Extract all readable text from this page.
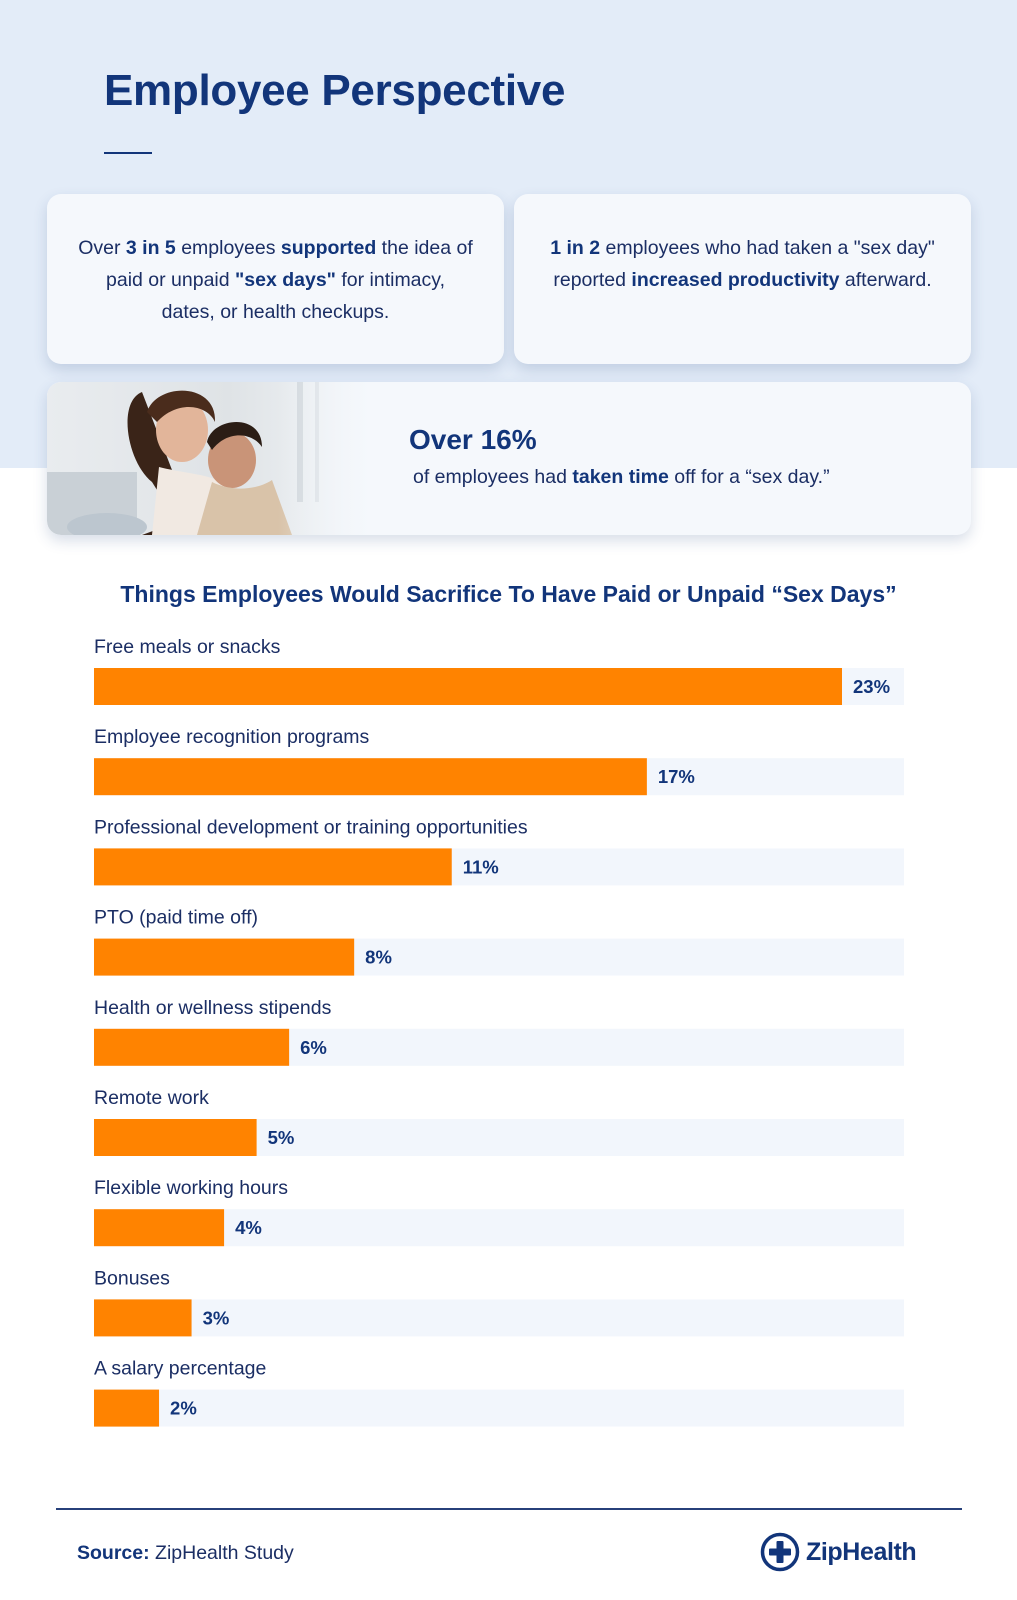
Employee Perspective

Over 3 in 5 employees supported the idea of paid or unpaid "sex days" for intimacy, dates, or health checkups.

1 in 2 employees who had taken a "sex day" reported increased productivity afterward.

Over 16%

of employees had taken time off for a “sex day.”

Things Employees Would Sacrifice To Have Paid or Unpaid “Sex Days”
Free meals or snacks
23%
Employee recognition programs
17%
Professional development or training opportunities
11%
PTO (paid time off)
8%
Health or wellness stipends
6%
Remote work
5%
Flexible working hours
4%
Bonuses
3%
A salary percentage
2%

Source: ZipHealth Study	ZipHealth
